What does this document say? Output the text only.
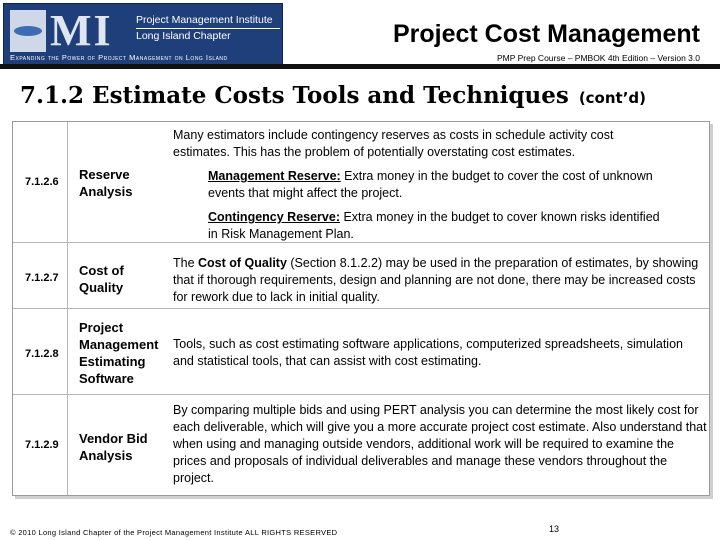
MI Project Management Institute
Long Island Chapter
Expanding the Power of Project Management on Long Island
Project Cost Management
PMP Prep Course – PMBOK 4th Edition – Version 3.0
7.1.2 Estimate Costs Tools and Techniques (cont’d)
7.1.2.6 Reserve
Analysis
Many estimators include contingency reserves as costs in schedule activity cost estimates. This has the problem of potentially overstating cost estimates.
Management Reserve: Extra money in the budget to cover the cost of unknown events that might affect the project.
Contingency Reserve: Extra money in the budget to cover known risks identified in Risk Management Plan.
7.1.2.7 Cost of
Quality
The Cost of Quality (Section 8.1.2.2) may be used in the preparation of estimates, by showing that if thorough requirements, design and planning are not done, there may be increased costs for rework due to lack in initial quality.
7.1.2.8
Project
Management
Estimating
Software
Tools, such as cost estimating software applications, computerized spreadsheets, simulation and statistical tools, that can assist with cost estimating.
7.1.2.9 Vendor Bid
Analysis
By comparing multiple bids and using PERT analysis you can determine the most likely cost for each deliverable, which will give you a more accurate project cost estimate. Also understand that when using and managing outside vendors, additional work will be required to examine the prices and proposals of individual deliverables and manage these vendors throughout the project.
© 2010 Long Island Chapter of the Project Management Institute ALL RIGHTS RESERVED	13
